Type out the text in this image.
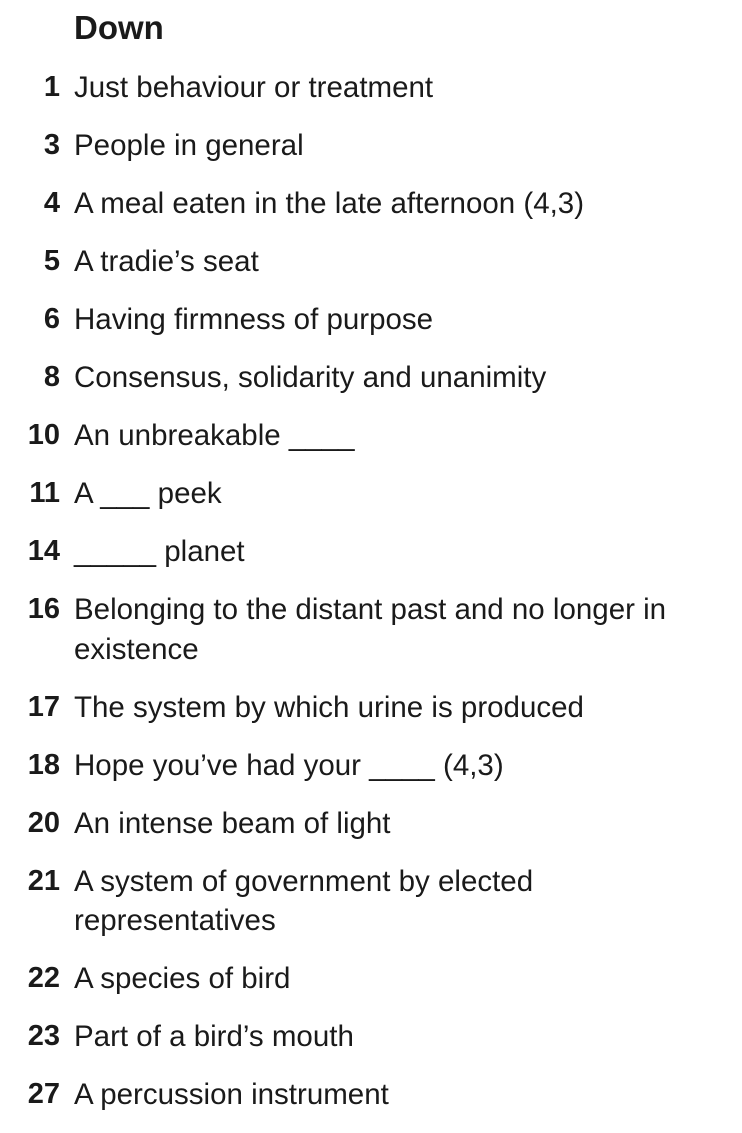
Down
1 Just behaviour or treatment
3 People in general
4 A meal eaten in the late afternoon (4,3)
5 A tradie’s seat
6 Having firmness of purpose
8 Consensus, solidarity and unanimity
10 An unbreakable ____
11 A ___ peek
14 _____ planet
16 Belonging to the distant past and no longer in existence
17 The system by which urine is produced
18 Hope you’ve had your ____ (4,3)
20 An intense beam of light
21 A system of government by elected representatives
22 A species of bird
23 Part of a bird’s mouth
27 A percussion instrument
